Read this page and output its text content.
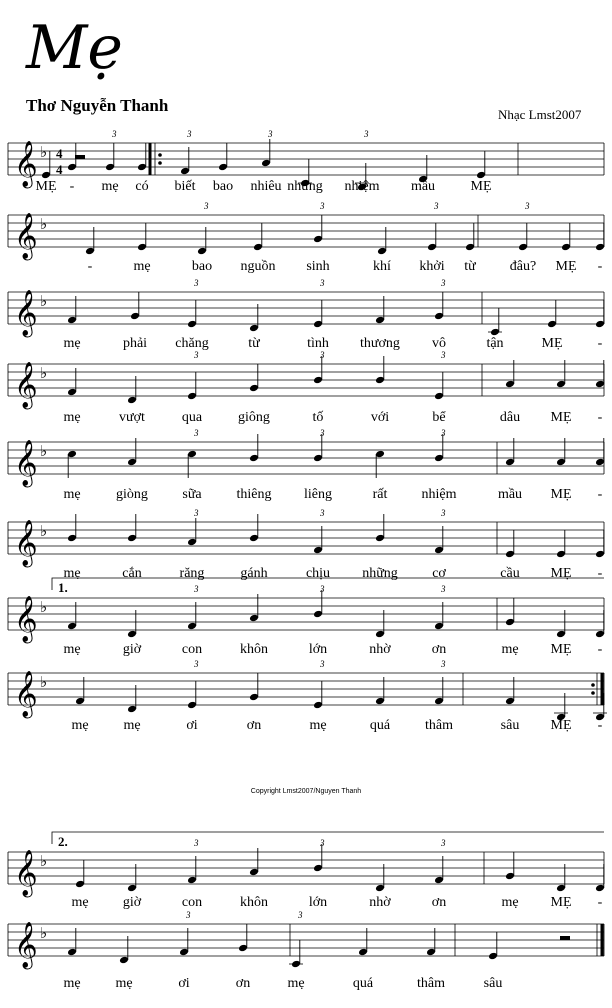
Mẹ
Thơ Nguyễn Thanh	Nhạc Lmst2007
Copyright Lmst2007/Nguyen Thanh
𝄞 ♭ 4
4
MẸ -
3
mẹ có
3
biết bao
3
nhiêu những
3
nhiệm mầu	MẸ
𝄞 ♭
-	mẹ
3
bao nguồn
3
sinh	khí
3
khởi từ
3
đâu? MẸ -
𝄞 ♭
mẹ	phải
3
chăng	từ
3
tình thương
3
vô	tận	MẸ	-
𝄞 ♭
mẹ	vượt
3
qua	giông
3
tố	với
3
bể	dâu MẸ -
𝄞 ♭
mẹ	giòng
3
sữa thiêng
3
liêng	rất
3
nhiệm	mầu MẸ -
𝄞 ♭
mẹ	cắn
3
răng	gánh
3
chịu những
3
cơ	cầu MẸ -
𝄞 ♭
1.
mẹ	giờ
3
con	khôn
3
lớn	nhờ
3
ơn	mẹ MẸ -
𝄞 ♭
mẹ mẹ
3
ơi	ơn
3
mẹ	quá
3
thâm	sâu MẸ -
𝄞 ♭
2.
mẹ giờ
3
con	khôn
3
lớn	nhờ
3
ơn	mẹ MẸ -
𝄞 ♭
mẹ mẹ
3
ơi	ơn
3
mẹ	quá	thâm	sâu
